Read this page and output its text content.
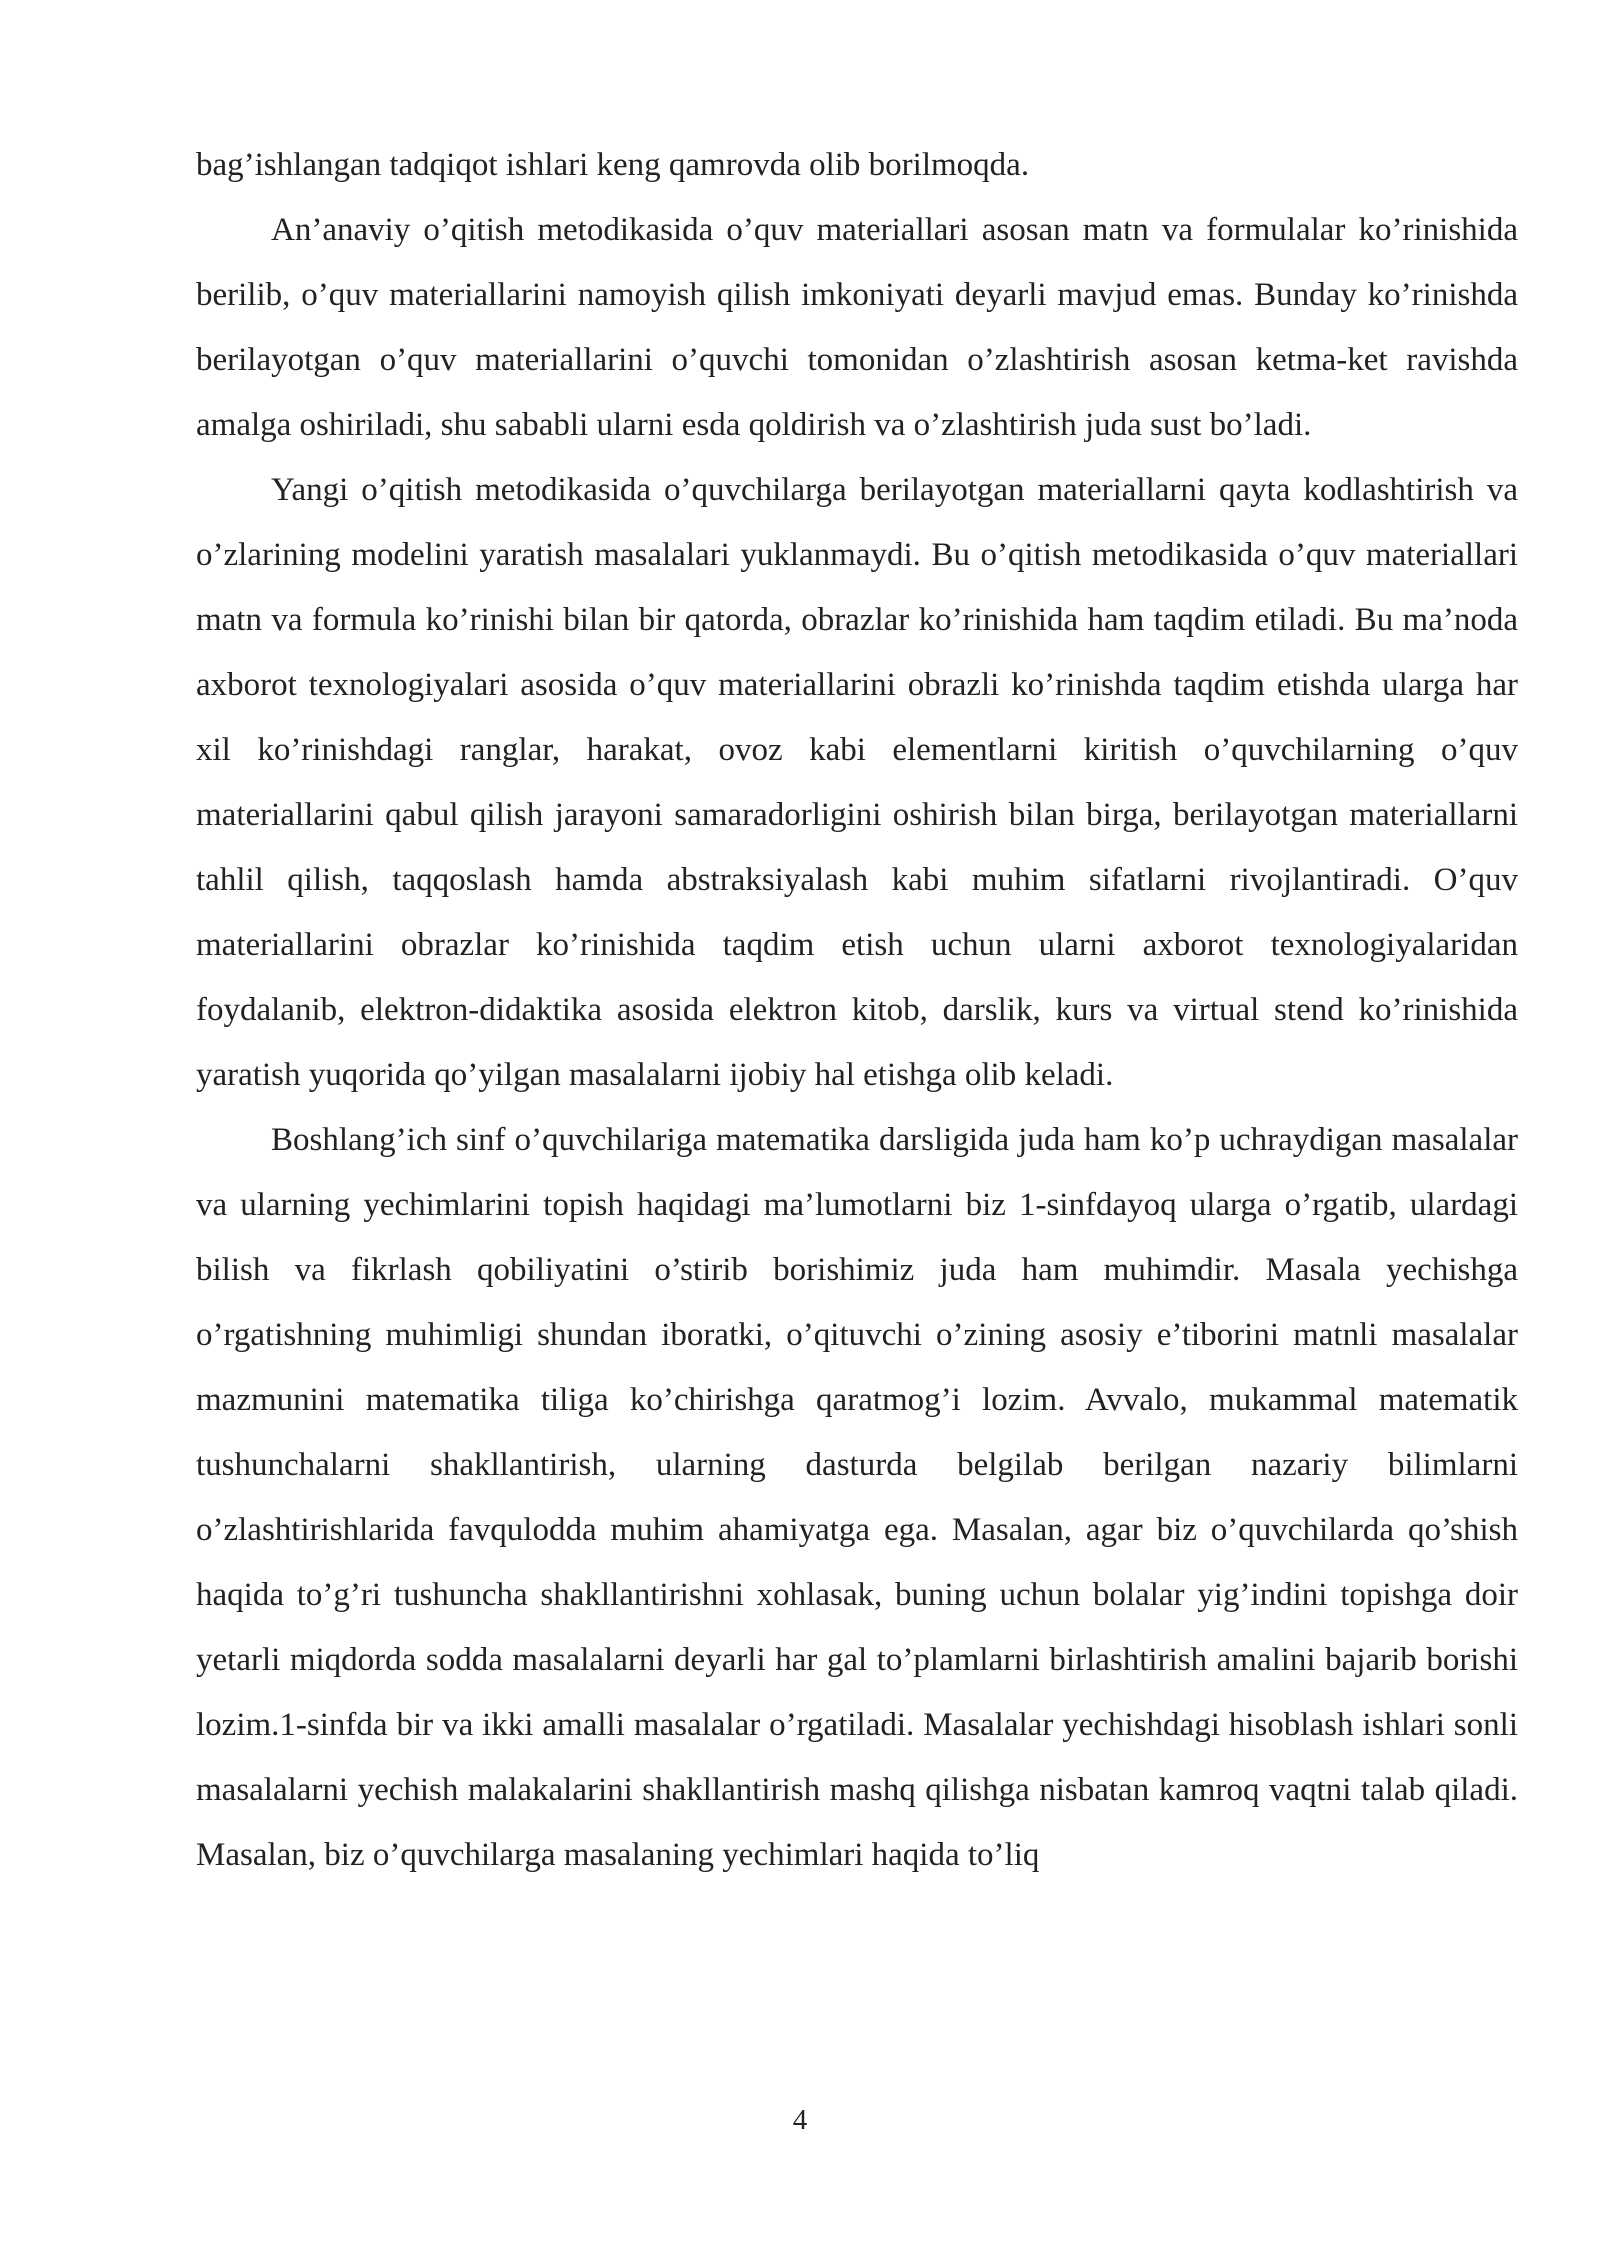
bag’ishlangan tadqiqot ishlari keng qamrovda olib borilmoqda.

An’anaviy o’qitish metodikasida o’quv materiallari asosan matn va formulalar ko’rinishida berilib, o’quv materiallarini namoyish qilish imkoniyati deyarli mavjud emas. Bunday ko’rinishda berilayotgan o’quv materiallarini o’quvchi tomonidan o’zlashtirish asosan ketma-ket ravishda amalga oshiriladi, shu sababli ularni esda qoldirish va o’zlashtirish juda sust bo’ladi.

Yangi o’qitish metodikasida o’quvchilarga berilayotgan materiallarni qayta kodlashtirish va o’zlarining modelini yaratish masalalari yuklanmaydi. Bu o’qitish metodikasida o’quv materiallari matn va formula ko’rinishi bilan bir qatorda, obrazlar ko’rinishida ham taqdim etiladi. Bu ma’noda axborot texnologiyalari asosida o’quv materiallarini obrazli ko’rinishda taqdim etishda ularga har xil ko’rinishdagi ranglar, harakat, ovoz kabi elementlarni kiritish o’quvchilarning o’quv materiallarini qabul qilish jarayoni samaradorligini oshirish bilan birga, berilayotgan materiallarni tahlil qilish, taqqoslash hamda abstraksiyalash kabi muhim sifatlarni rivojlantiradi. O’quv materiallarini obrazlar ko’rinishida taqdim etish uchun ularni axborot texnologiyalaridan foydalanib, elektron-didaktika asosida elektron kitob, darslik, kurs va virtual stend ko’rinishida yaratish yuqorida qo’yilgan masalalarni ijobiy hal etishga olib keladi.

Boshlang’ich sinf o’quvchilariga matematika darsligida juda ham ko’p uchraydigan masalalar va ularning yechimlarini topish haqidagi ma’lumotlarni biz 1-sinfdayoq ularga o’rgatib, ulardagi bilish va fikrlash qobiliyatini o’stirib borishimiz juda ham muhimdir. Masala yechishga o’rgatishning muhimligi shundan iboratki, o’qituvchi o’zining asosiy e’tiborini matnli masalalar mazmunini matematika tiliga ko’chirishga qaratmog’i lozim. Avvalo, mukammal matematik tushunchalarni shakllantirish, ularning dasturda belgilab berilgan nazariy bilimlarni o’zlashtirishlarida favqulodda muhim ahamiyatga ega. Masalan, agar biz o’quvchilarda qo’shish haqida to’g’ri tushuncha shakllantirishni xohlasak, buning uchun bolalar yig’indini topishga doir yetarli miqdorda sodda masalalarni deyarli har gal to’plamlarni birlashtirish amalini bajarib borishi lozim.1-sinfda bir va ikki amalli masalalar o’rgatiladi. Masalalar yechishdagi hisoblash ishlari sonli masalalarni yechish malakalarini shakllantirish mashq qilishga nisbatan kamroq vaqtni talab qiladi. Masalan, biz o’quvchilarga masalaning yechimlari haqida to’liq

4
